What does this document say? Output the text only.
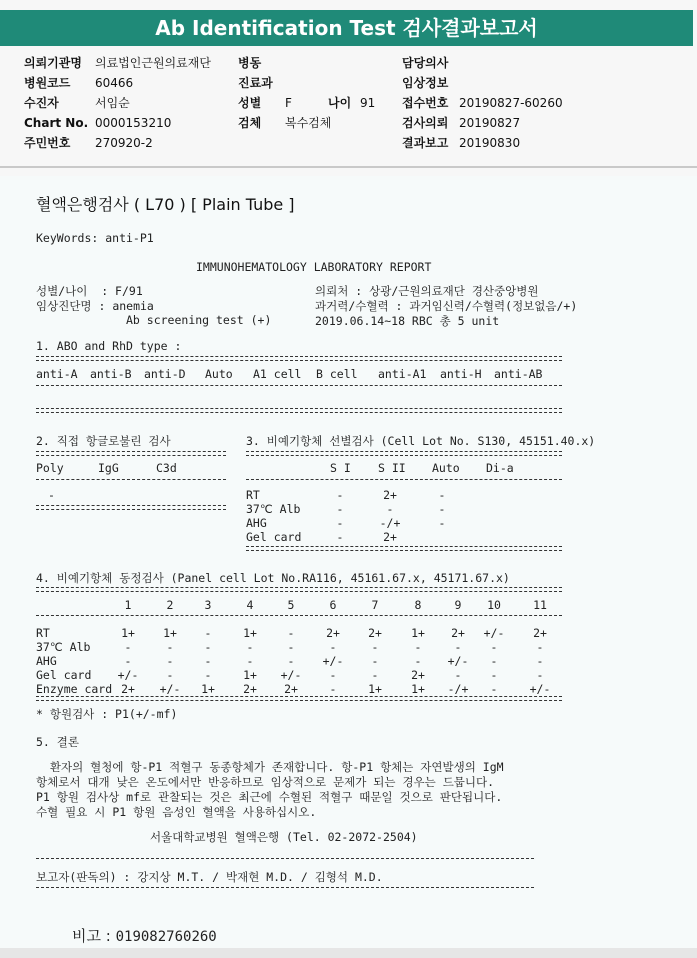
Ab Identification Test 검사결과보고서
의뢰기관명 의료법인근원의료재단 병동	담당의사
병원코드 60466	진료과	임상정보
수진자	서임순	성별 F	나이 91 접수번호 20190827-60260
Chart No. 0000153210	검체 복수검체	검사의뢰 20190827
주민번호 270920-2	결과보고 20190830
혈액은행검사 ( L70 ) [ Plain Tube ]
KeyWords: anti-P1
IMMUNOHEMATOLOGY LABORATORY REPORT
성별/나이  : F/91
임상진단명 : anemia
Ab screening test (+)
의뢰처 : 상광/근원의료재단 경산중앙병원
과거력/수혈력 : 과거임신력/수혈력(정보없음/+)
2019.06.14~18 RBC 총 5 unit
1. ABO and RhD type :
anti-A anti-B anti-D Auto A1 cell B cell anti-A1 anti-H anti-AB
2. 직접 항글로불린 검사
Poly	IgG	C3d
-
3. 비예기항체 선별검사 (Cell Lot No. S130, 45151.40.x)
S I S II Auto Di-a
RT	-	2+	-
37℃ Alb	-	-	-
AHG	-	-/+	-
Gel card	-	2+
4. 비예기항체 동정검사 (Panel cell Lot No.RA116, 45161.67.x, 45171.67.x)
1	2	3	4	5	6	7	8	9	10	11
RT	1+	1+	-	1+	-	2+	2+	1+	2+	+/-	2+
37℃ Alb	-	-	-	-	-	-	-	-	-	-	-
AHG	-	-	-	-	-	+/-	-	-	+/-	-	-
Gel card	+/-	-	-	1+	+/-	-	-	2+	-	-	-
Enzyme card 2+	+/-	1+	2+	2+	-	1+	1+	-/+	-	+/-
* 항원검사 : P1(+/-mf)
5. 결론
환자의 혈청에 항-P1 적혈구 동종항체가 존재합니다. 항-P1 항체는 자연발생의 IgM
항체로서 대개 낮은 온도에서만 반응하므로 임상적으로 문제가 되는 경우는 드뭅니다.
P1 항원 검사상 mf로 관찰되는 것은 최근에 수혈된 적혈구 때문일 것으로 판단됩니다.
수혈 필요 시 P1 항원 음성인 혈액을 사용하십시오.
서울대학교병원 혈액은행 (Tel. 02-2072-2504)
보고자(판독의) : 강지상 M.T. / 박재현 M.D. / 김형석 M.D.
비고 : 019082760260
